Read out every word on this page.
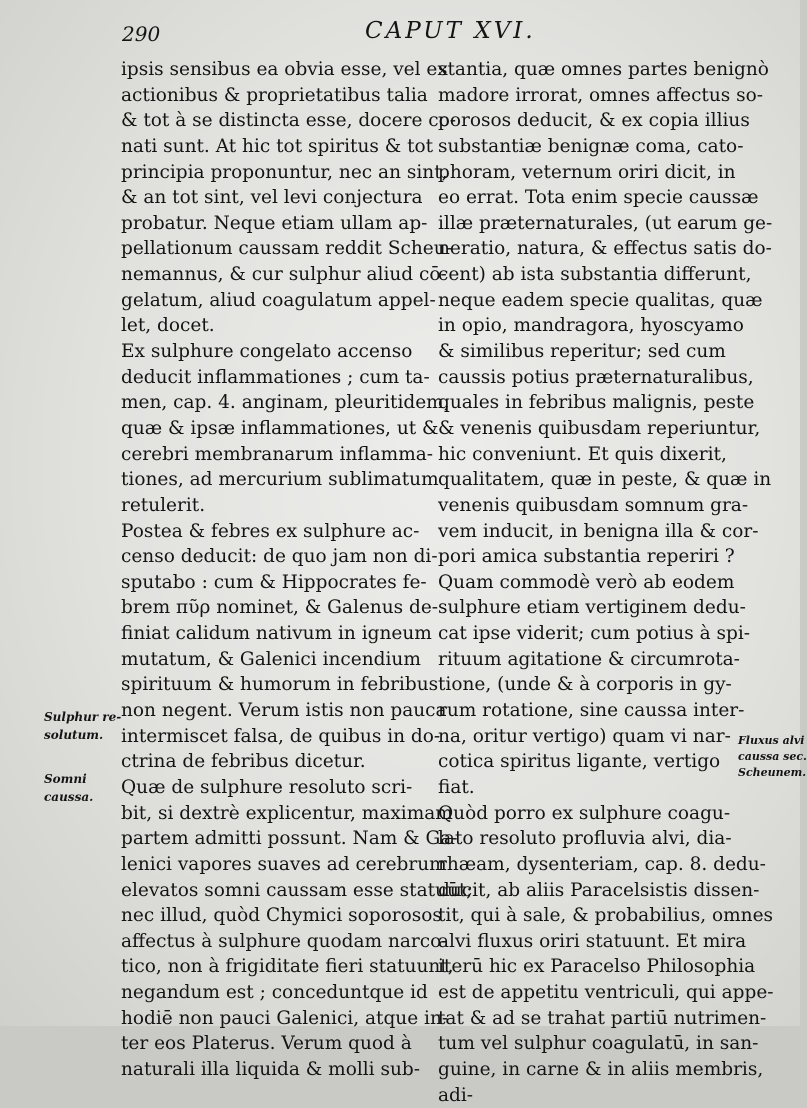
290	CAPUT XVI.
ipsis sensibus ea obvia esse, vel ex
actionibus & proprietatibus talia
& tot à se distincta esse, docere co-
nati sunt. At hic tot spiritus & tot
principia proponuntur, nec an sint,
& an tot sint, vel levi conjectura
probatur. Neque etiam ullam ap-
pellationum caussam reddit Scheu-
nemannus, & cur sulphur aliud cō-
gelatum, aliud coagulatum appel-
let, docet.
Ex sulphure congelato accenso
deducit inflammationes ; cum ta-
men, cap. 4. anginam, pleuritidem,
quæ & ipsæ inflammationes, ut &
cerebri membranarum inflamma-
tiones, ad mercurium sublimatum
retulerit.
Postea & febres ex sulphure ac-
censo deducit: de quo jam non di-
sputabo : cum & Hippocrates fe-
brem πῦρ nominet, & Galenus de-
finiat calidum nativum in igneum
mutatum, & Galenici incendium
spirituum & humorum in febribus
non negent. Verum istis non pauca
intermiscet falsa, de quibus in do-
ctrina de febribus dicetur.
Quæ de sulphure resoluto scri-
bit, si dextrè explicentur, maximam
partem admitti possunt. Nam & Ga-
lenici vapores suaves ad cerebrum
elevatos somni caussam esse statuūt;
nec illud, quòd Chymici soporosos
affectus à sulphure quodam narco-
tico, non à frigiditate fieri statuunt,
negandum est ; conceduntque id
hodiē non pauci Galenici, atque in-
ter eos Platerus. Verum quod à
naturali illa liquida & molli sub-
stantia, quæ omnes partes benignò
madore irrorat, omnes affectus so-
porosos deducit, & ex copia illius
substantiæ benignæ coma, cato-
phoram, veternum oriri dicit, in
eo errat. Tota enim specie caussæ
illæ præternaturales, (ut earum ge-
neratio, natura, & effectus satis do-
cent) ab ista substantia differunt,
neque eadem specie qualitas, quæ
in opio, mandragora, hyoscyamo
& similibus reperitur; sed cum
caussis potius præternaturalibus,
quales in febribus malignis, peste
& venenis quibusdam reperiuntur,
hic conveniunt. Et quis dixerit,
qualitatem, quæ in peste, & quæ in
venenis quibusdam somnum gra-
vem inducit, in benigna illa & cor-
pori amica substantia reperiri ?
Quam commodè verò ab eodem
sulphure etiam vertiginem dedu-
cat ipse viderit; cum potius à spi-
rituum agitatione & circumrota-
tione, (unde & à corporis in gy-
rum rotatione, sine caussa inter-
na, oritur vertigo) quam vi nar-
cotica spiritus ligante, vertigo
fiat.
Quòd porro ex sulphure coagu-
lato resoluto profluvia alvi, dia-
rhæam, dysenteriam, cap. 8. dedu-
ducit, ab aliis Paracelsistis dissen-
tit, qui à sale, & probabilius, omnes
alvi fluxus oriri statuunt. Et mira
iterū hic ex Paracelso Philosophia
est de appetitu ventriculi, qui appe-
tat & ad se trahat partiū nutrimen-
tum vel sulphur coagulatū, in san-
guine, in carne & in aliis membris,
adi-
Sulphur re-
solutum.
Somni
caussa.
Fluxus alvi
caussa sec.
Scheunem.
